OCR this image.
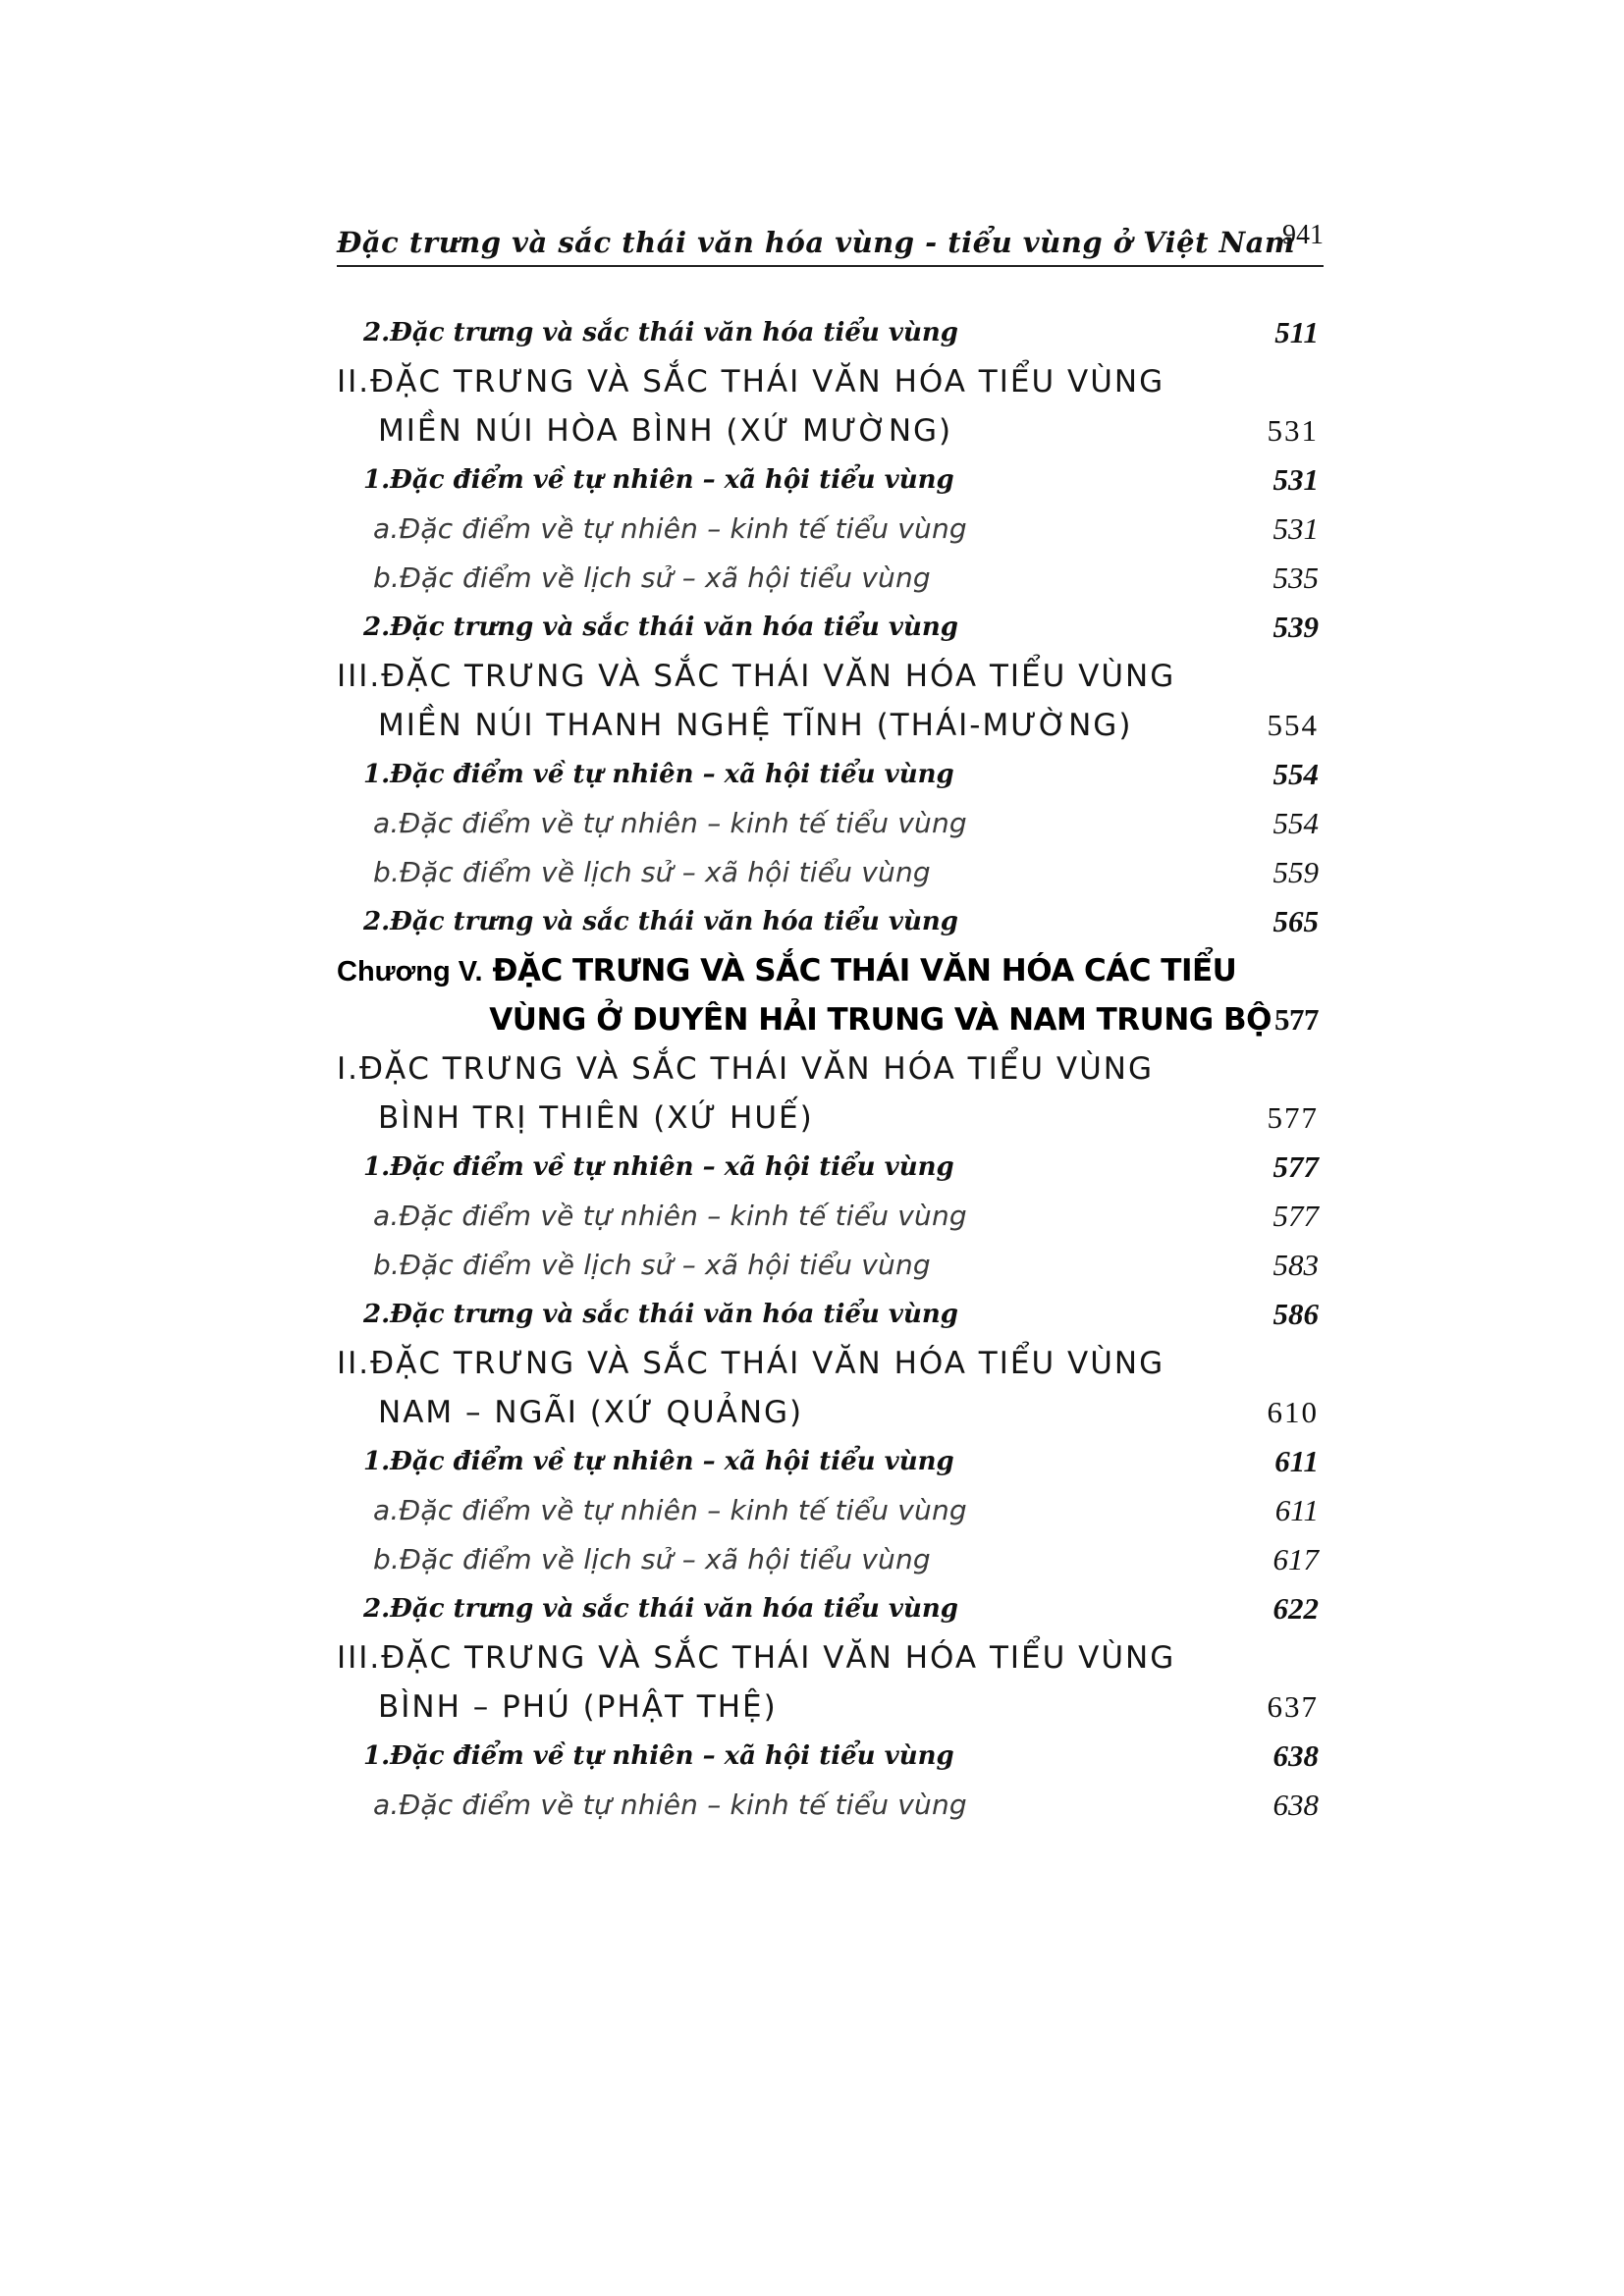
Đặc trưng và sắc thái văn hóa vùng - tiểu vùng ở Việt Nam
941
2.Đặc trưng và sắc thái văn hóa tiểu vùng	511
II.ĐẶC TRƯNG VÀ SẮC THÁI VĂN HÓA TIỂU VÙNG
MIỀN NÚI HÒA BÌNH (XỨ MƯỜNG)	531
1.Đặc điểm về tự nhiên – xã hội tiểu vùng	531
a.Đặc điểm về tự nhiên – kinh tế tiểu vùng	531
b.Đặc điểm về lịch sử – xã hội tiểu vùng	535
2.Đặc trưng và sắc thái văn hóa tiểu vùng	539
III.ĐẶC TRƯNG VÀ SẮC THÁI VĂN HÓA TIỂU VÙNG
MIỀN NÚI THANH NGHỆ TĨNH (THÁI-MƯỜNG)	554
1.Đặc điểm về tự nhiên – xã hội tiểu vùng	554
a.Đặc điểm về tự nhiên – kinh tế tiểu vùng	554
b.Đặc điểm về lịch sử – xã hội tiểu vùng	559
2.Đặc trưng và sắc thái văn hóa tiểu vùng	565
Chương V. ĐẶC TRƯNG VÀ SẮC THÁI VĂN HÓA CÁC TIỂU
VÙNG Ở DUYÊN HẢI TRUNG VÀ NAM TRUNG BỘ 577
I.ĐẶC TRƯNG VÀ SẮC THÁI VĂN HÓA TIỂU VÙNG
BÌNH TRỊ THIÊN (XỨ HUẾ)	577
1.Đặc điểm về tự nhiên – xã hội tiểu vùng	577
a.Đặc điểm về tự nhiên – kinh tế tiểu vùng	577
b.Đặc điểm về lịch sử – xã hội tiểu vùng	583
2.Đặc trưng và sắc thái văn hóa tiểu vùng	586
II.ĐẶC TRƯNG VÀ SẮC THÁI VĂN HÓA TIỂU VÙNG
NAM – NGÃI (XỨ QUẢNG)	610
1.Đặc điểm về tự nhiên – xã hội tiểu vùng	611
a.Đặc điểm về tự nhiên – kinh tế tiểu vùng	611
b.Đặc điểm về lịch sử – xã hội tiểu vùng	617
2.Đặc trưng và sắc thái văn hóa tiểu vùng	622
III.ĐẶC TRƯNG VÀ SẮC THÁI VĂN HÓA TIỂU VÙNG
BÌNH – PHÚ (PHẬT THỆ)	637
1.Đặc điểm về tự nhiên – xã hội tiểu vùng	638
a.Đặc điểm về tự nhiên – kinh tế tiểu vùng	638
